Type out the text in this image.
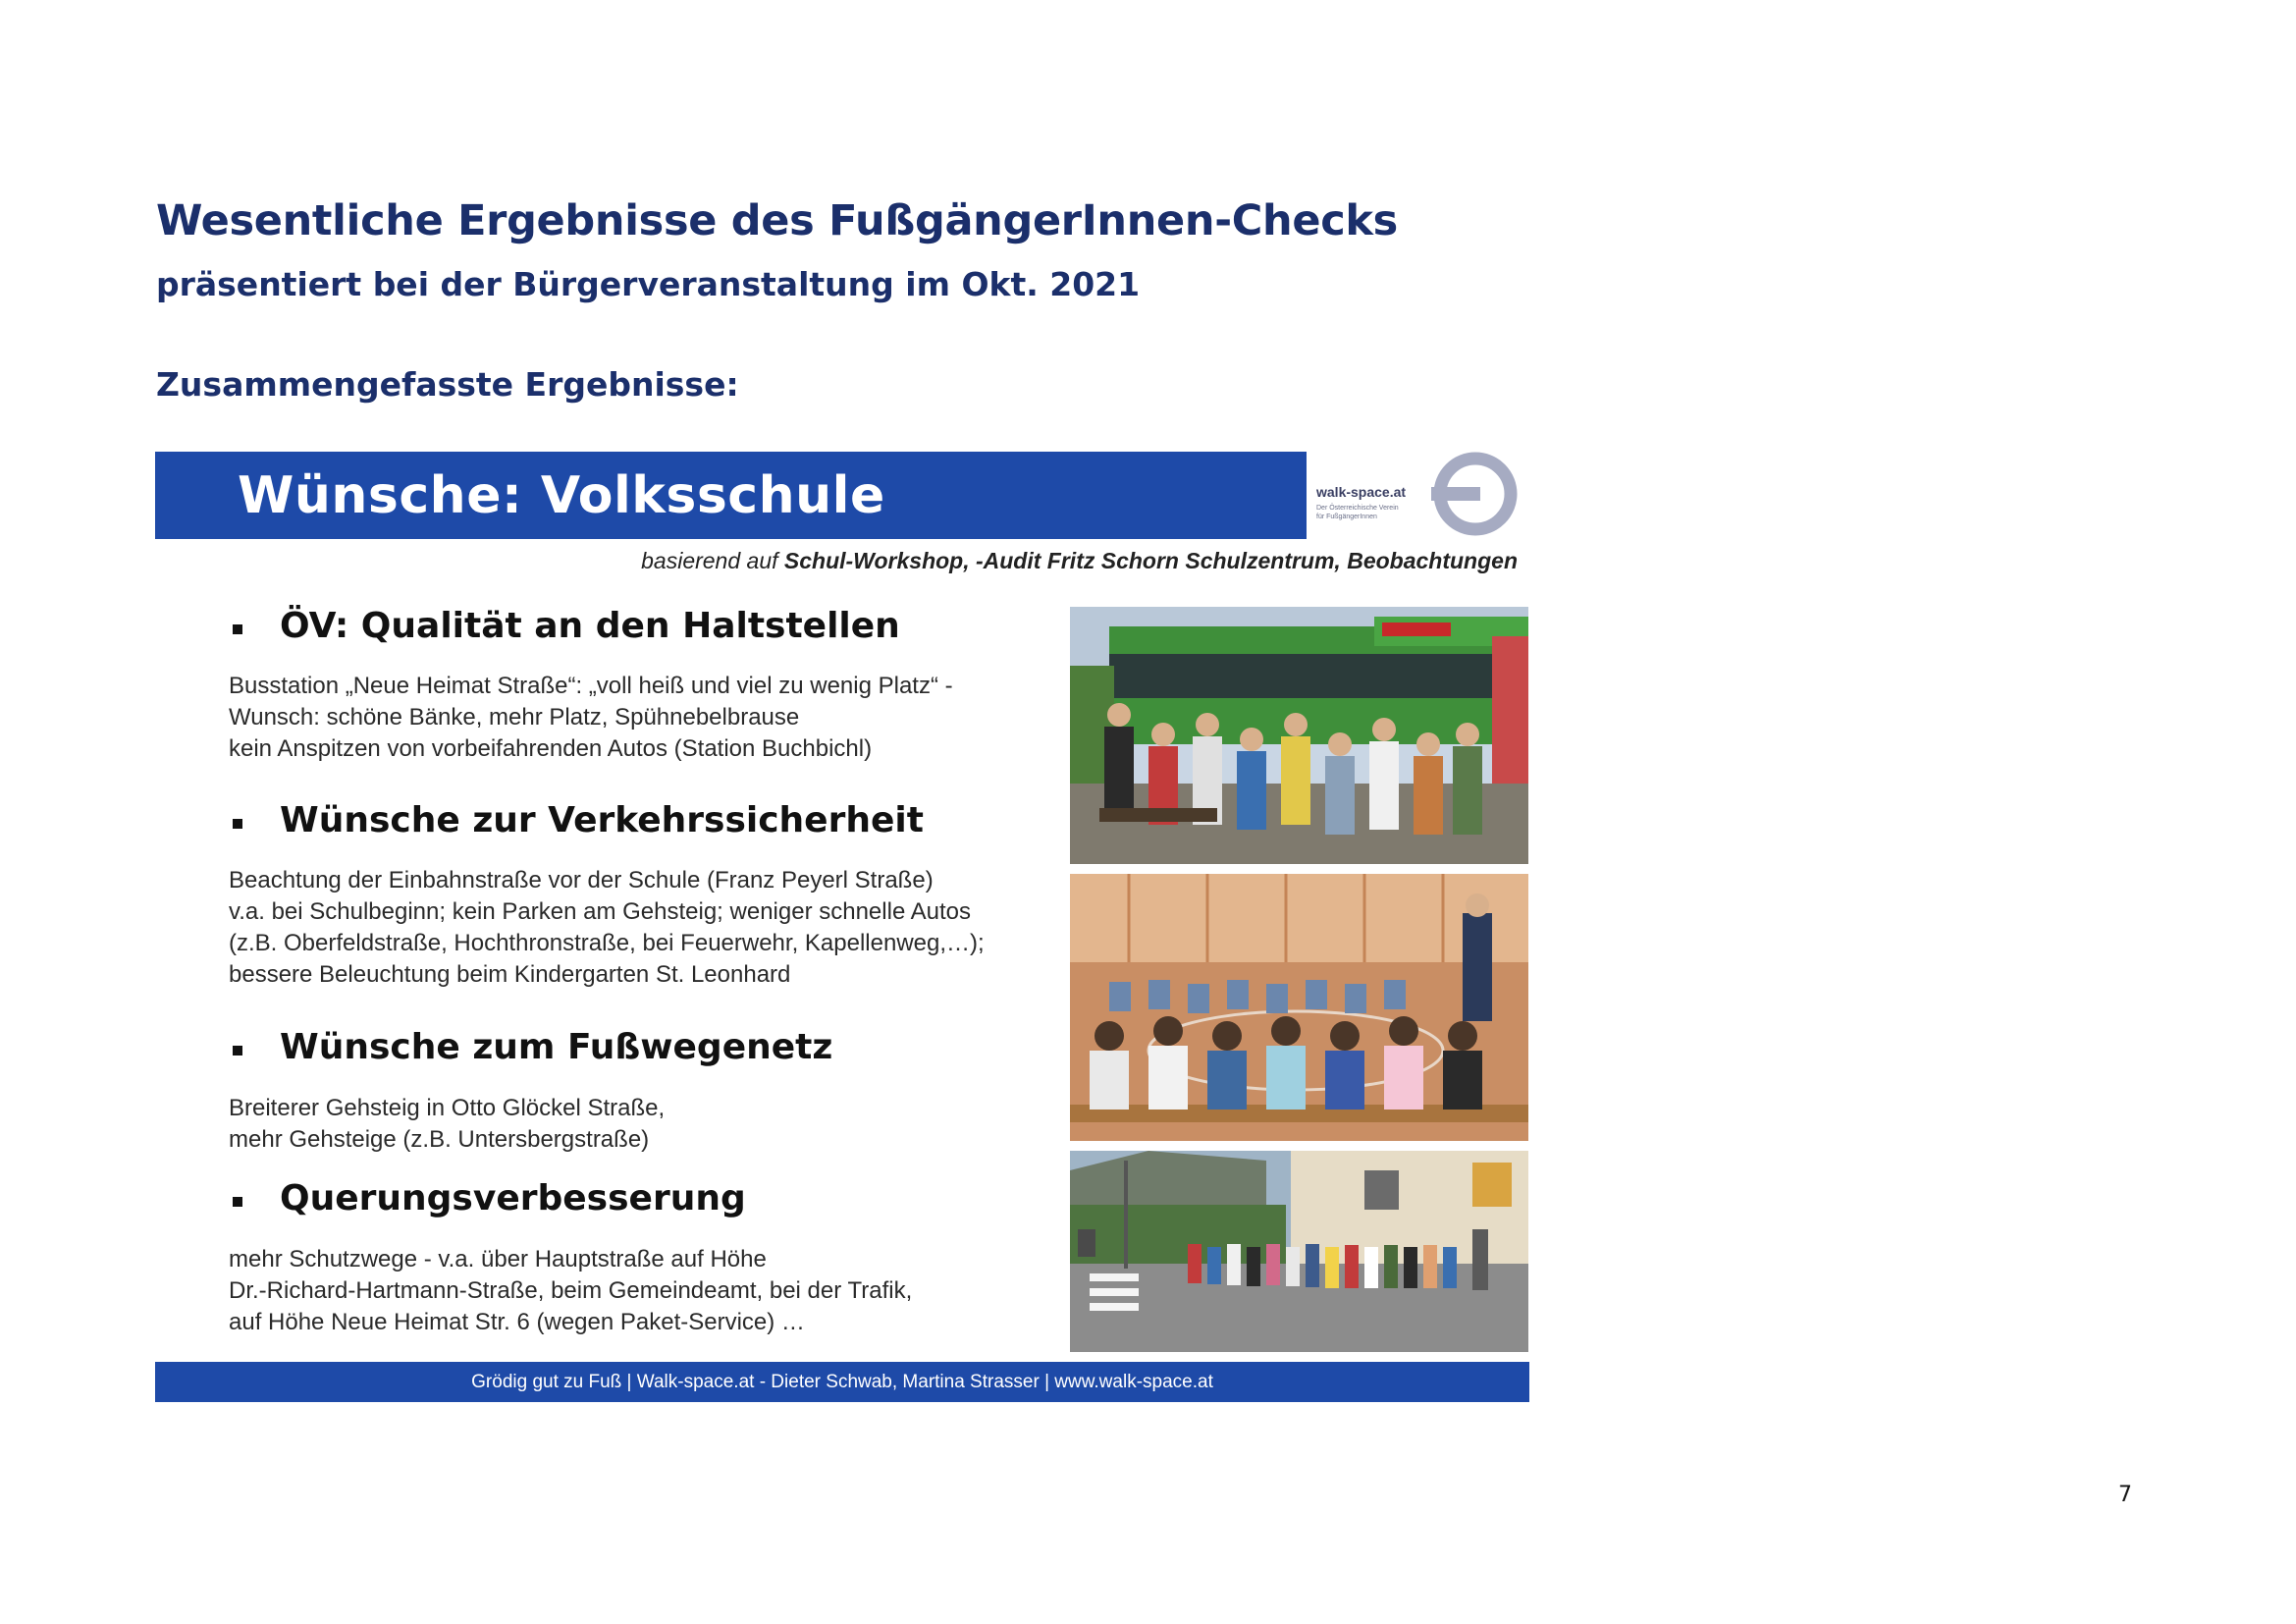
Wesentliche Ergebnisse des FußgängerInnen-Checks
präsentiert bei der Bürgerveranstaltung im Okt. 2021
Zusammengefasste Ergebnisse:
Wünsche: Volksschule	walk-space.at
Der Österreichische Verein
für FußgängerInnen
basierend auf Schul-Workshop, -Audit Fritz Schorn Schulzentrum, Beobachtungen
ÖV: Qualität an den Haltstellen
Busstation „Neue Heimat Straße“: „voll heiß und viel zu wenig Platz“ -
Wunsch: schöne Bänke, mehr Platz, Spühnebelbrause
kein Anspitzen von vorbeifahrenden Autos (Station Buchbichl)
Wünsche zur Verkehrssicherheit
Beachtung der Einbahnstraße vor der Schule (Franz Peyerl Straße)
v.a. bei Schulbeginn; kein Parken am Gehsteig; weniger schnelle Autos
(z.B. Oberfeldstraße, Hochthronstraße, bei Feuerwehr, Kapellenweg,…);
bessere Beleuchtung beim Kindergarten St. Leonhard
Wünsche zum Fußwegenetz
Breiterer Gehsteig in Otto Glöckel Straße,
mehr Gehsteige (z.B. Untersbergstraße)
Querungsverbesserung
mehr Schutzwege - v.a. über Hauptstraße auf Höhe
Dr.-Richard-Hartmann-Straße, beim Gemeindeamt, bei der Trafik,
auf Höhe Neue Heimat Str. 6 (wegen Paket-Service) …
Grödig gut zu Fuß | Walk-space.at - Dieter Schwab, Martina Strasser | www.walk-space.at
7
